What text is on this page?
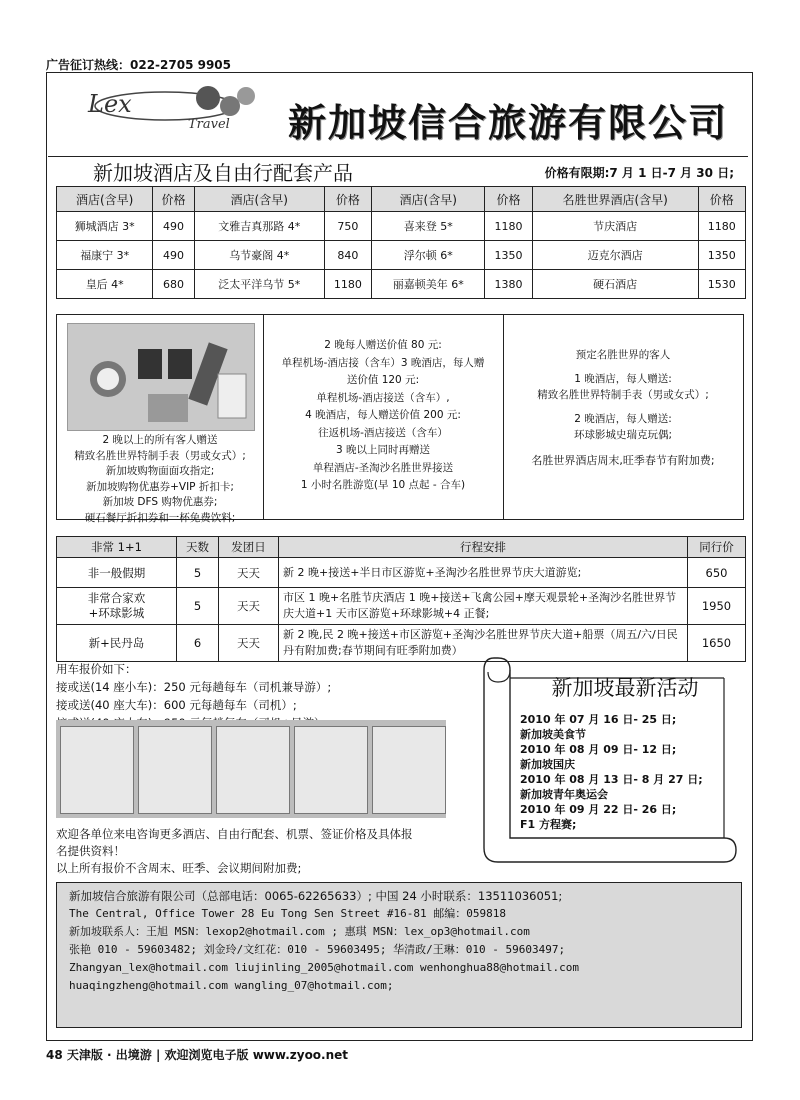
广告征订热线：022-2705 9905
Lex
Travel 新加坡信合旅游有限公司
新加坡酒店及自由行配套产品	价格有限期:7 月 1 日-7 月 30 日;
酒店(含早)	价格	酒店(含早)	价格	酒店(含早)	价格	名胜世界酒店(含早)	价格
狮城酒店 3*	490	文雅吉真那路 4*	750	喜来登 5*	1180	节庆酒店	1180
福康宁 3*	490	乌节豪阁 4*	840	浮尔顿 6*	1350	迈克尔酒店	1350
皇后 4*	680	泛太平洋乌节 5*	1180	丽嘉顿美年 6*	1380	硬石酒店	1530
2 晚以上的所有客人赠送
精致名胜世界特制手表（男或女式）;
新加坡购物面面攻指定;
新加坡购物优惠券+VIP 折扣卡;
新加坡 DFS 购物优惠券;
硬石餐厅折扣券和一杯免费饮料;
2 晚每人赠送价值 80 元:
单程机场-酒店接（含车）3 晚酒店，每人赠
送价值 120 元:
单程机场-酒店接送（含车）,
4 晚酒店，每人赠送价值 200 元:
往返机场-酒店接送（含车）
3 晚以上同时再赠送
单程酒店-圣淘沙名胜世界接送
1 小时名胜游览(早 10 点起 - 合车)
预定名胜世界的客人
1 晚酒店，每人赠送:
精致名胜世界特制手表（男或女式）;
2 晚酒店，每人赠送:
环球影城史瑞克玩偶;
名胜世界酒店周末,旺季春节有附加费;
非常 1+1	天数	发团日	行程安排	同行价
非一般假期	5	天天	新 2 晚+接送+半日市区游览+圣淘沙名胜世界节庆大道游览;	650
非常合家欢
+环球影城	5	天天	市区 1 晚+名胜节庆酒店 1 晚+接送+飞禽公园+摩天观景轮+圣淘沙名胜世界节庆大道+1 天市区游览+环球影城+4 正餐;	1950
新+民丹岛	6	天天	新 2 晚,民 2 晚+接送+市区游览+圣淘沙名胜世界节庆大道+船票（周五/六/日民丹有附加费;春节期间有旺季附加费）	1650
用车报价如下：
接或送(14 座小车)：250 元每趟每车（司机兼导游）;
接或送(40 座大车)：600 元每趟每车（司机）;
欢迎各单位来电咨询更多酒店、自由行配套、机票、签证价格及具体报
名提供资料！
以上所有报价不含周末、旺季、会议期间附加费;
新加坡最新活动
2010 年 07 月 16 日- 25 日;
新加坡美食节
2010 年 08 月 09 日- 12 日;
新加坡国庆
2010 年 08 月 13 日- 8 月 27 日;
新加坡青年奥运会
2010 年 09 月 22 日- 26 日;
F1 方程赛;
新加坡信合旅游有限公司（总部电话：0065-62265633）; 中国 24 小时联系：13511036051;
The Central, Office Tower 28 Eu Tong Sen Street #16-81 邮编：059818
新加坡联系人：王旭 MSN：lexop2@hotmail.com ; 惠琪 MSN：lex_op3@hotmail.com
张艳 010 - 59603482; 刘金玲/文红花：010 - 59603495; 华清政/王琳：010 - 59603497;
Zhangyan_lex@hotmail.com liujinling_2005@hotmail.com wenhonghua88@hotmail.com
huaqingzheng@hotmail.com wangling_07@hotmail.com;
48 天津版 · 出境游 | 欢迎浏览电子版 www.zyoo.net
